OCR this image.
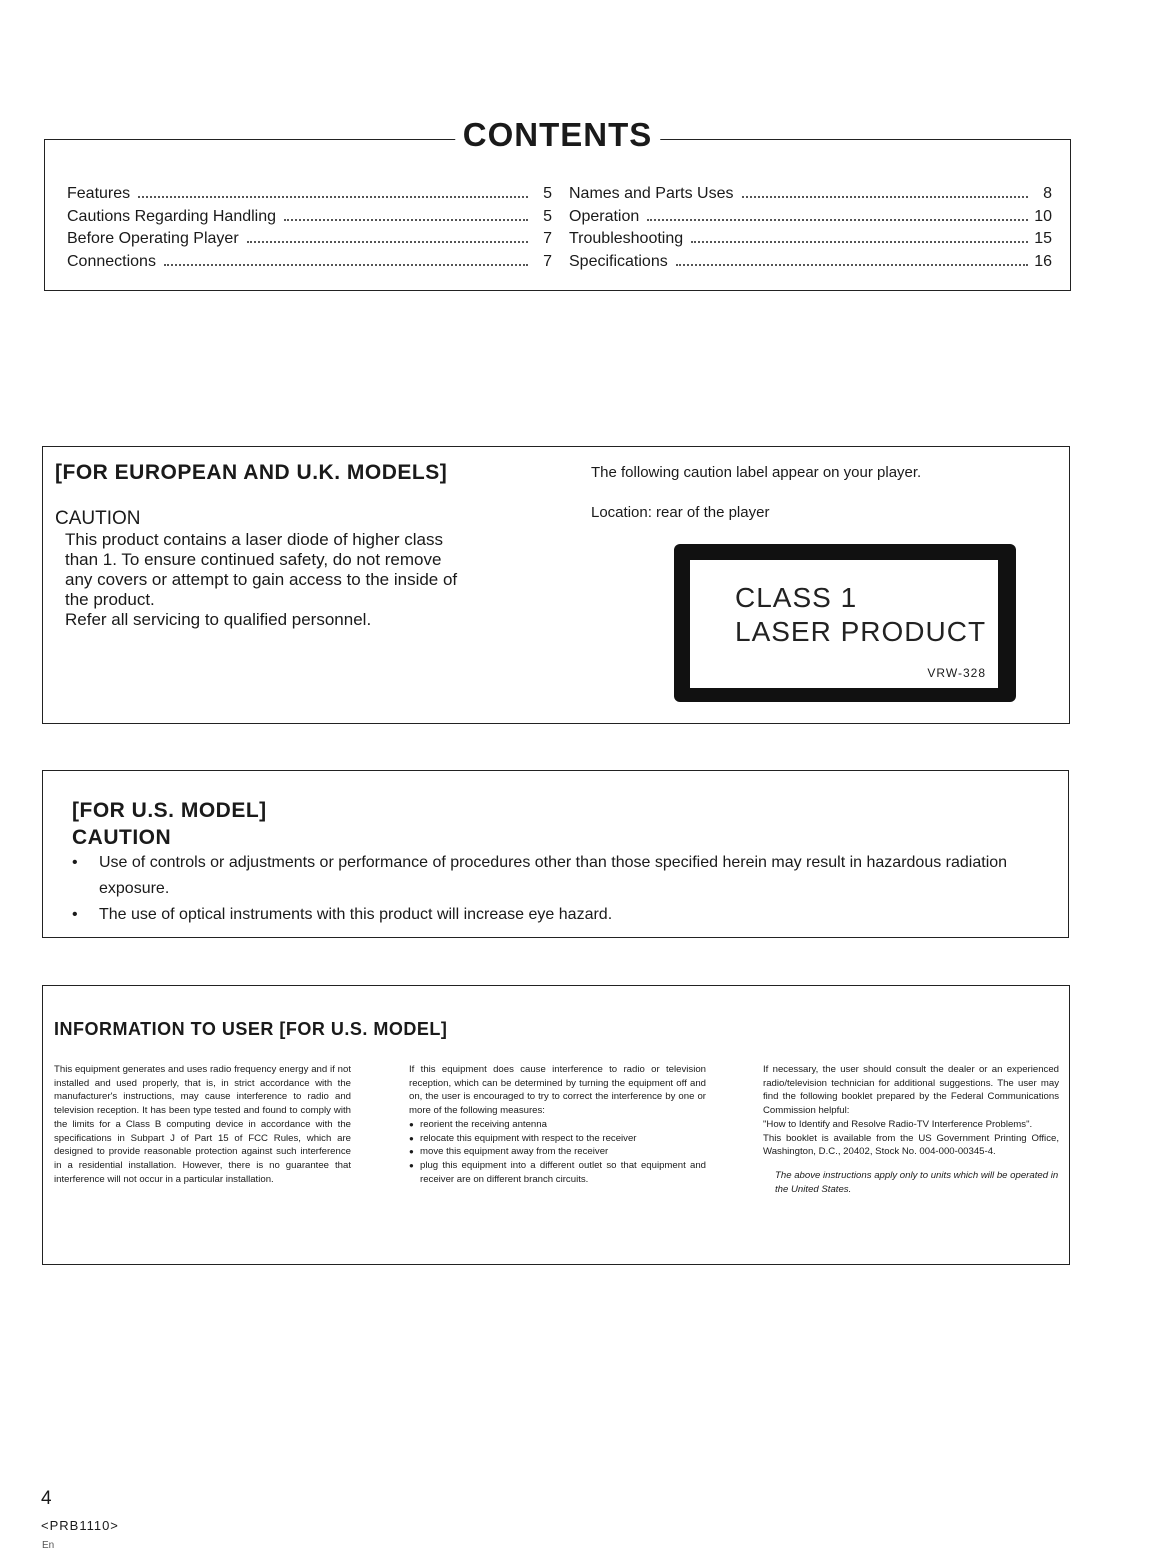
CONTENTS
Features	5
Cautions Regarding Handling	5
Before Operating Player	7
Connections	7
Names and Parts Uses	8
Operation	10
Troubleshooting	15
Specifications	16
[FOR EUROPEAN AND U.K. MODELS]
CAUTION

This product contains a laser diode of higher class
than 1. To ensure continued safety, do not remove
any covers or attempt to gain access to the inside of
the product.
Refer all servicing to qualified personnel.

The following caution label appear on your player.
Location: rear of the player
CLASS 1
LASER PRODUCT
VRW-328
[FOR U.S. MODEL]
CAUTION
• Use of controls or adjustments or performance of procedures other than those specified herein may result in hazardous radiation exposure.
• The use of optical instruments with this product will increase eye hazard.
INFORMATION TO USER [FOR U.S. MODEL]

This equipment generates and uses radio frequency energy and if not installed and used properly, that is, in strict accordance with the manufacturer's instructions, may cause interference to radio and television reception. It has been type tested and found to comply with the limits for a Class B computing device in accordance with the specifications in Subpart J of Part 15 of FCC Rules, which are designed to provide reasonable protection against such interference in a residential installation. However, there is no guarantee that interference will not occur in a particular installation.

If this equipment does cause interference to radio or television reception, which can be determined by turning the equipment off and on, the user is encouraged to try to correct the interference by one or more of the following measures:

● reorient the receiving antenna
● relocate this equipment with respect to the receiver
● move this equipment away from the receiver
● plug this equipment into a different outlet so that equipment and receiver are on different branch circuits.

If necessary, the user should consult the dealer or an experienced radio/television technician for additional suggestions. The user may find the following booklet prepared by the Federal Communications Commission helpful:

"How to Identify and Resolve Radio-TV Interference Problems".

This booklet is available from the US Government Printing Office, Washington, D.C., 20402, Stock No. 004-000-00345-4.

The above instructions apply only to units which will be operated in the United States.

4
<PRB1110>
En
